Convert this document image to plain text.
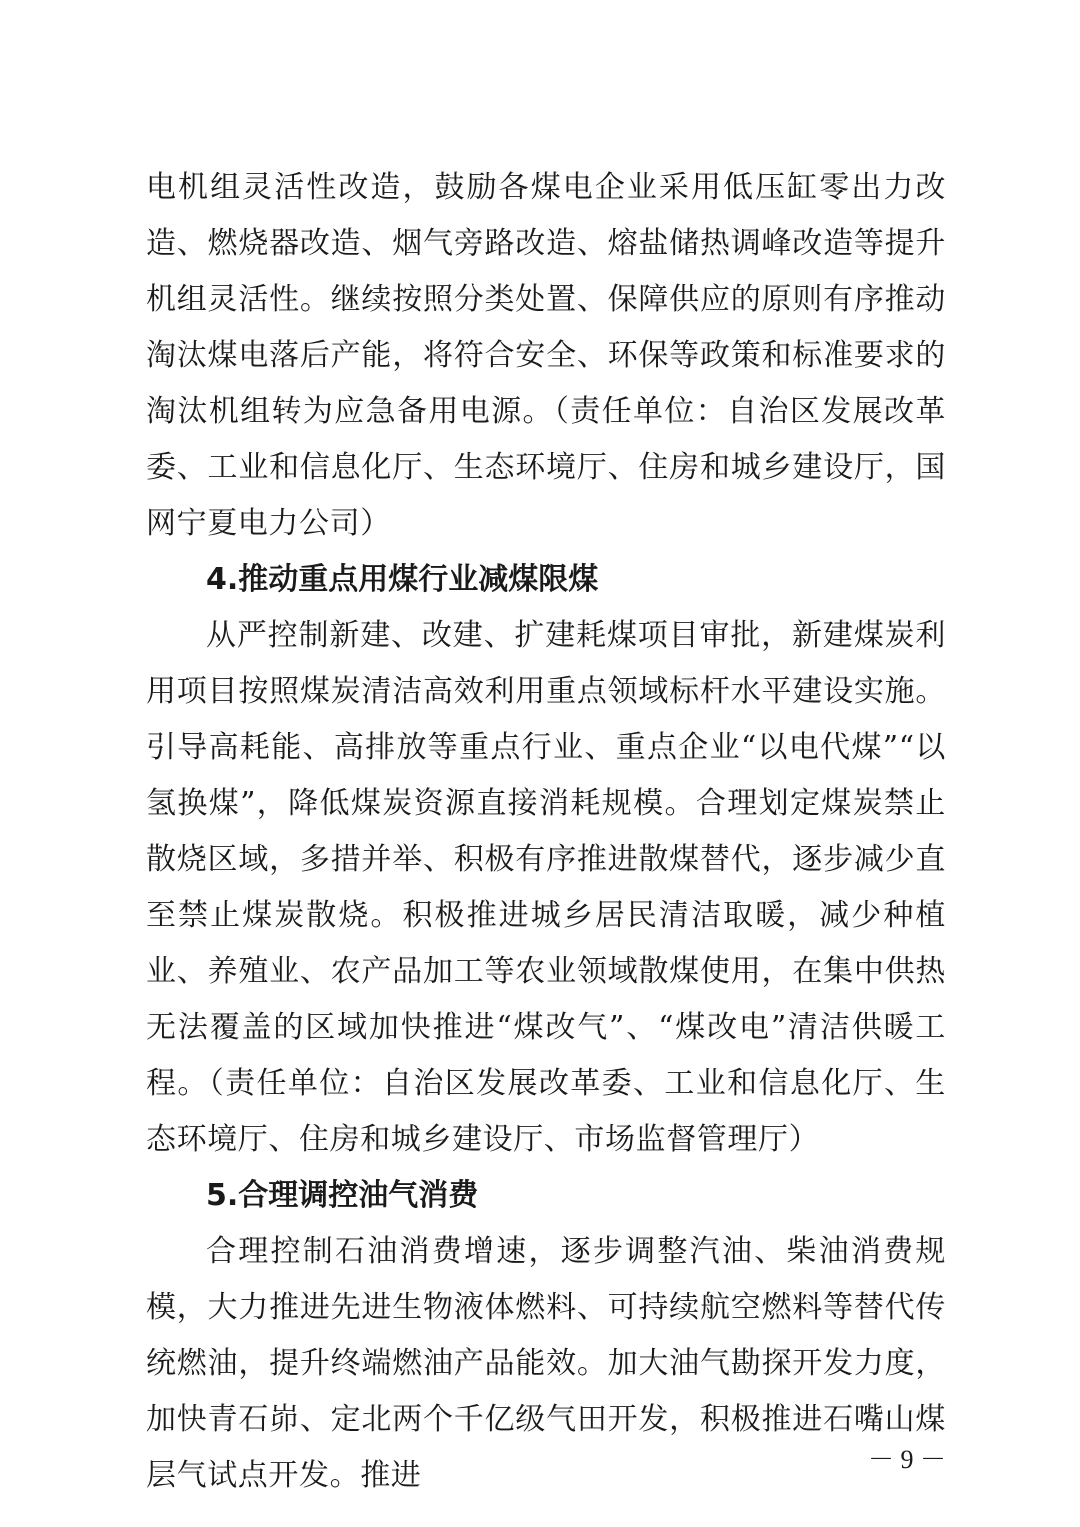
电机组灵活性改造，鼓励各煤电企业采用低压缸零出力改造、燃烧器改造、烟气旁路改造、熔盐储热调峰改造等提升机组灵活性。继续按照分类处置、保障供应的原则有序推动淘汰煤电落后产能，将符合安全、环保等政策和标准要求的淘汰机组转为应急备用电源。（责任单位：自治区发展改革委、工业和信息化厅、生态环境厅、住房和城乡建设厅，国网宁夏电力公司）

4.推动重点用煤行业减煤限煤

从严控制新建、改建、扩建耗煤项目审批，新建煤炭利用项目按照煤炭清洁高效利用重点领域标杆水平建设实施。引导高耗能、高排放等重点行业、重点企业“以电代煤”“以氢换煤”，降低煤炭资源直接消耗规模。合理划定煤炭禁止散烧区域，多措并举、积极有序推进散煤替代，逐步减少直至禁止煤炭散烧。积极推进城乡居民清洁取暖，减少种植业、养殖业、农产品加工等农业领域散煤使用，在集中供热无法覆盖的区域加快推进“煤改气”、“煤改电”清洁供暖工程。（责任单位：自治区发展改革委、工业和信息化厅、生态环境厅、住房和城乡建设厅、市场监督管理厅）

5.合理调控油气消费

合理控制石油消费增速，逐步调整汽油、柴油消费规模，大力推进先进生物液体燃料、可持续航空燃料等替代传统燃油，提升终端燃油产品能效。加大油气勘探开发力度，加快青石峁、定北两个千亿级气田开发，积极推进石嘴山煤层气试点开发。推进	－ 9 －
